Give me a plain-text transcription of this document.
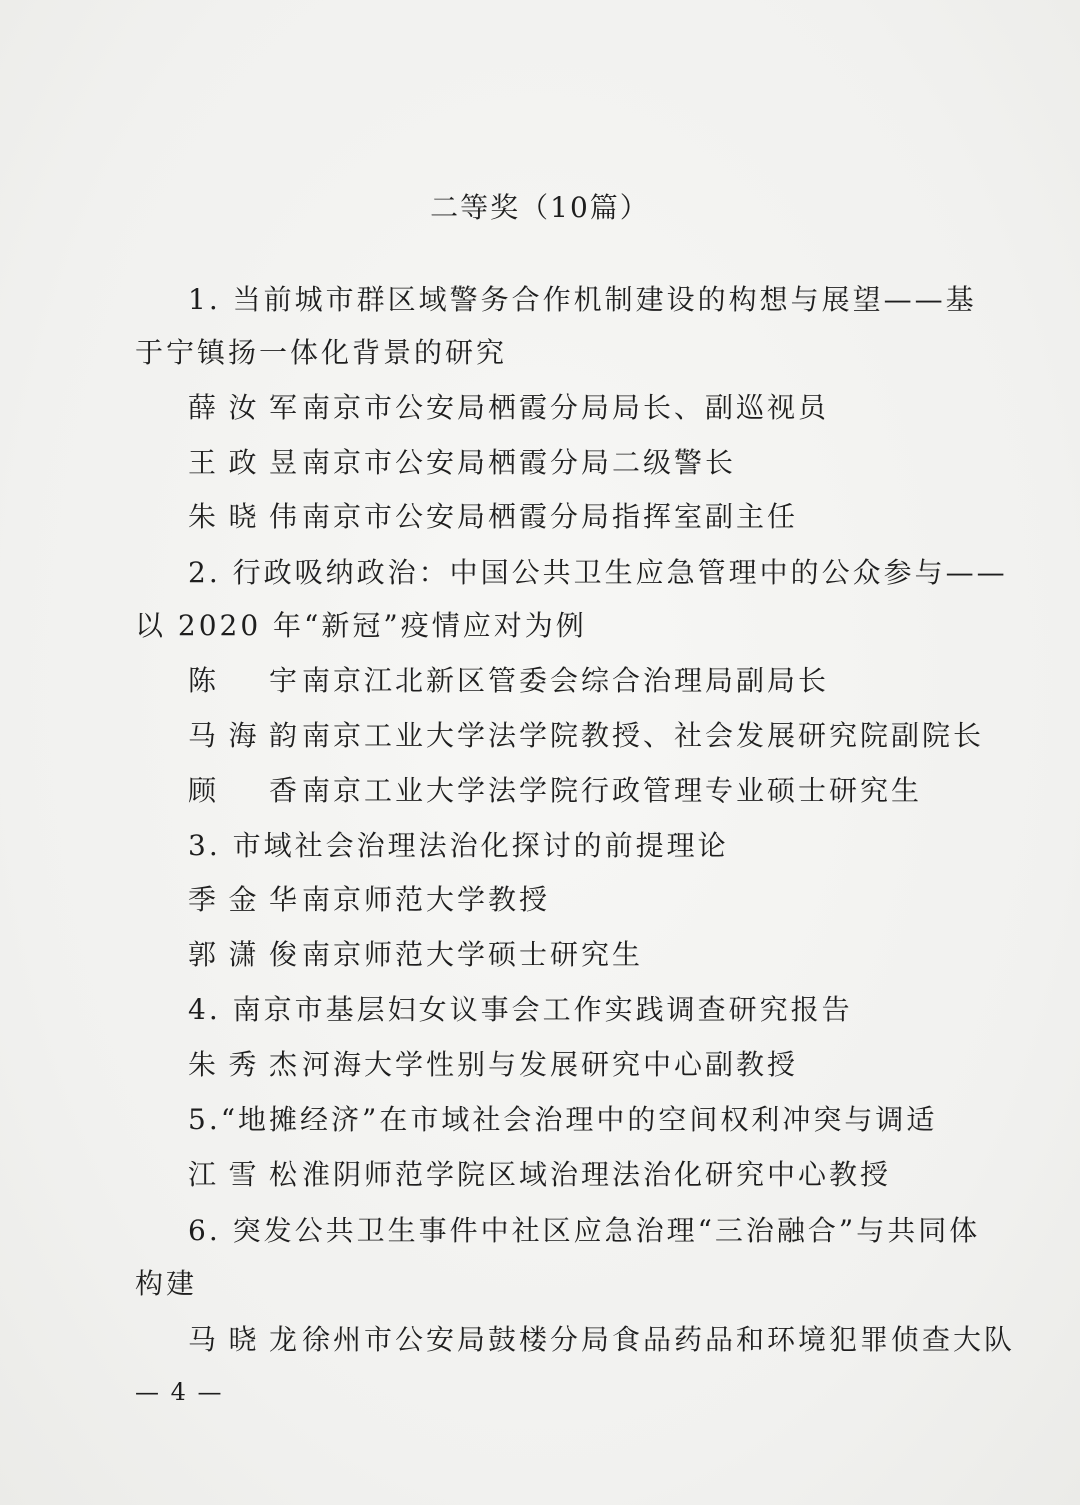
二等奖（10篇）
1. 当前城市群区域警务合作机制建设的构想与展望——基
于宁镇扬一体化背景的研究
薛汝军南京市公安局栖霞分局局长、副巡视员
王政昱南京市公安局栖霞分局二级警长
朱晓伟南京市公安局栖霞分局指挥室副主任
2. 行政吸纳政治：中国公共卫生应急管理中的公众参与——
以 2020 年“新冠”疫情应对为例
陈宇南京江北新区管委会综合治理局副局长
马海韵南京工业大学法学院教授、社会发展研究院副院长
顾香南京工业大学法学院行政管理专业硕士研究生
3. 市域社会治理法治化探讨的前提理论
季金华南京师范大学教授
郭潇俊南京师范大学硕士研究生
4. 南京市基层妇女议事会工作实践调查研究报告
朱秀杰河海大学性别与发展研究中心副教授
5.“地摊经济”在市域社会治理中的空间权利冲突与调适
江雪松淮阴师范学院区域治理法治化研究中心教授
6. 突发公共卫生事件中社区应急治理“三治融合”与共同体
构建
马晓龙徐州市公安局鼓楼分局食品药品和环境犯罪侦查大队
— 4 —
